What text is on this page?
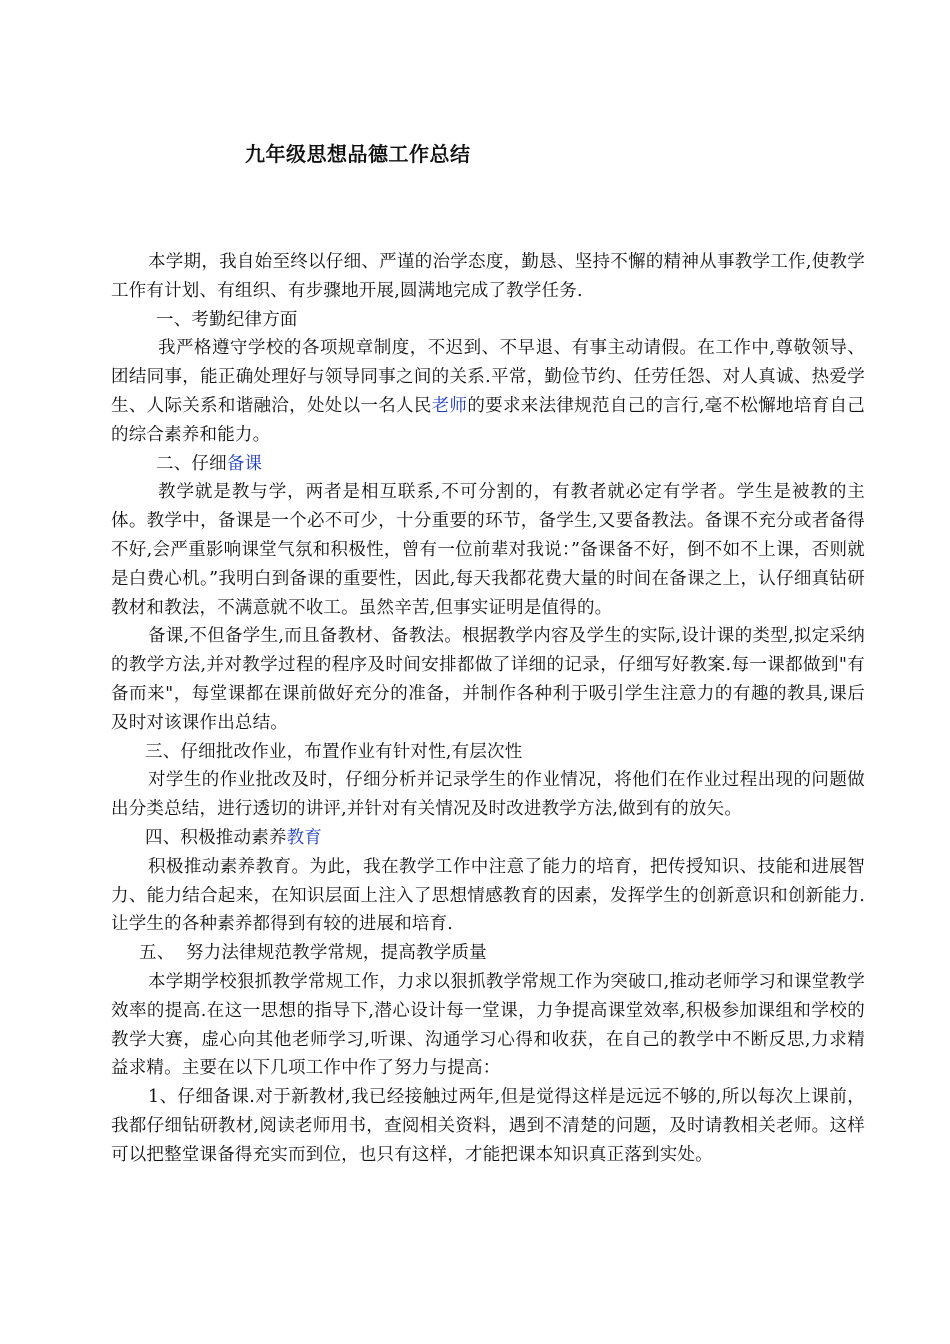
九年级思想品德工作总结

本学期，我自始至终以仔细、严谨的治学态度，勤恳、坚持不懈的精神从事教学工作,使教学工作有计划、有组织、有步骤地开展,圆满地完成了教学任务.

一、考勤纪律方面

我严格遵守学校的各项规章制度，不迟到、不早退、有事主动请假。在工作中,尊敬领导、团结同事，能正确处理好与领导同事之间的关系.平常，勤俭节约、任劳任怨、对人真诚、热爱学生、人际关系和谐融洽，处处以一名人民老师的要求来法律规范自己的言行,毫不松懈地培育自己的综合素养和能力。

二、仔细备课

教学就是教与学，两者是相互联系,不可分割的，有教者就必定有学者。学生是被教的主体。教学中，备课是一个必不可少，十分重要的环节，备学生,又要备教法。备课不充分或者备得不好,会严重影响课堂气氛和积极性，曾有一位前辈对我说：”备课备不好，倒不如不上课，否则就是白费心机。”我明白到备课的重要性，因此,每天我都花费大量的时间在备课之上，认仔细真钻研教材和教法，不满意就不收工。虽然辛苦,但事实证明是值得的。

备课,不但备学生,而且备教材、备教法。根据教学内容及学生的实际,设计课的类型,拟定采纳的教学方法,并对教学过程的程序及时间安排都做了详细的记录，仔细写好教案.每一课都做到"有备而来"，每堂课都在课前做好充分的准备，并制作各种利于吸引学生注意力的有趣的教具,课后及时对该课作出总结。

三、仔细批改作业，布置作业有针对性,有层次性

对学生的作业批改及时，仔细分析并记录学生的作业情况，将他们在作业过程出现的问题做出分类总结，进行透切的讲评,并针对有关情况及时改进教学方法,做到有的放矢。

四、积极推动素养教育

积极推动素养教育。为此，我在教学工作中注意了能力的培育，把传授知识、技能和进展智力、能力结合起来，在知识层面上注入了思想情感教育的因素，发挥学生的创新意识和创新能力.让学生的各种素养都得到有较的进展和培育.

五、  努力法律规范教学常规，提高教学质量

本学期学校狠抓教学常规工作，力求以狠抓教学常规工作为突破口,推动老师学习和课堂教学效率的提高.在这一思想的指导下,潜心设计每一堂课，力争提高课堂效率,积极参加课组和学校的教学大赛，虚心向其他老师学习,听课、沟通学习心得和收获，在自己的教学中不断反思,力求精益求精。主要在以下几项工作中作了努力与提高：

1、仔细备课.对于新教材,我已经接触过两年,但是觉得这样是远远不够的,所以每次上课前，我都仔细钻研教材,阅读老师用书，查阅相关资料，遇到不清楚的问题，及时请教相关老师。这样可以把整堂课备得充实而到位，也只有这样，才能把课本知识真正落到实处。
